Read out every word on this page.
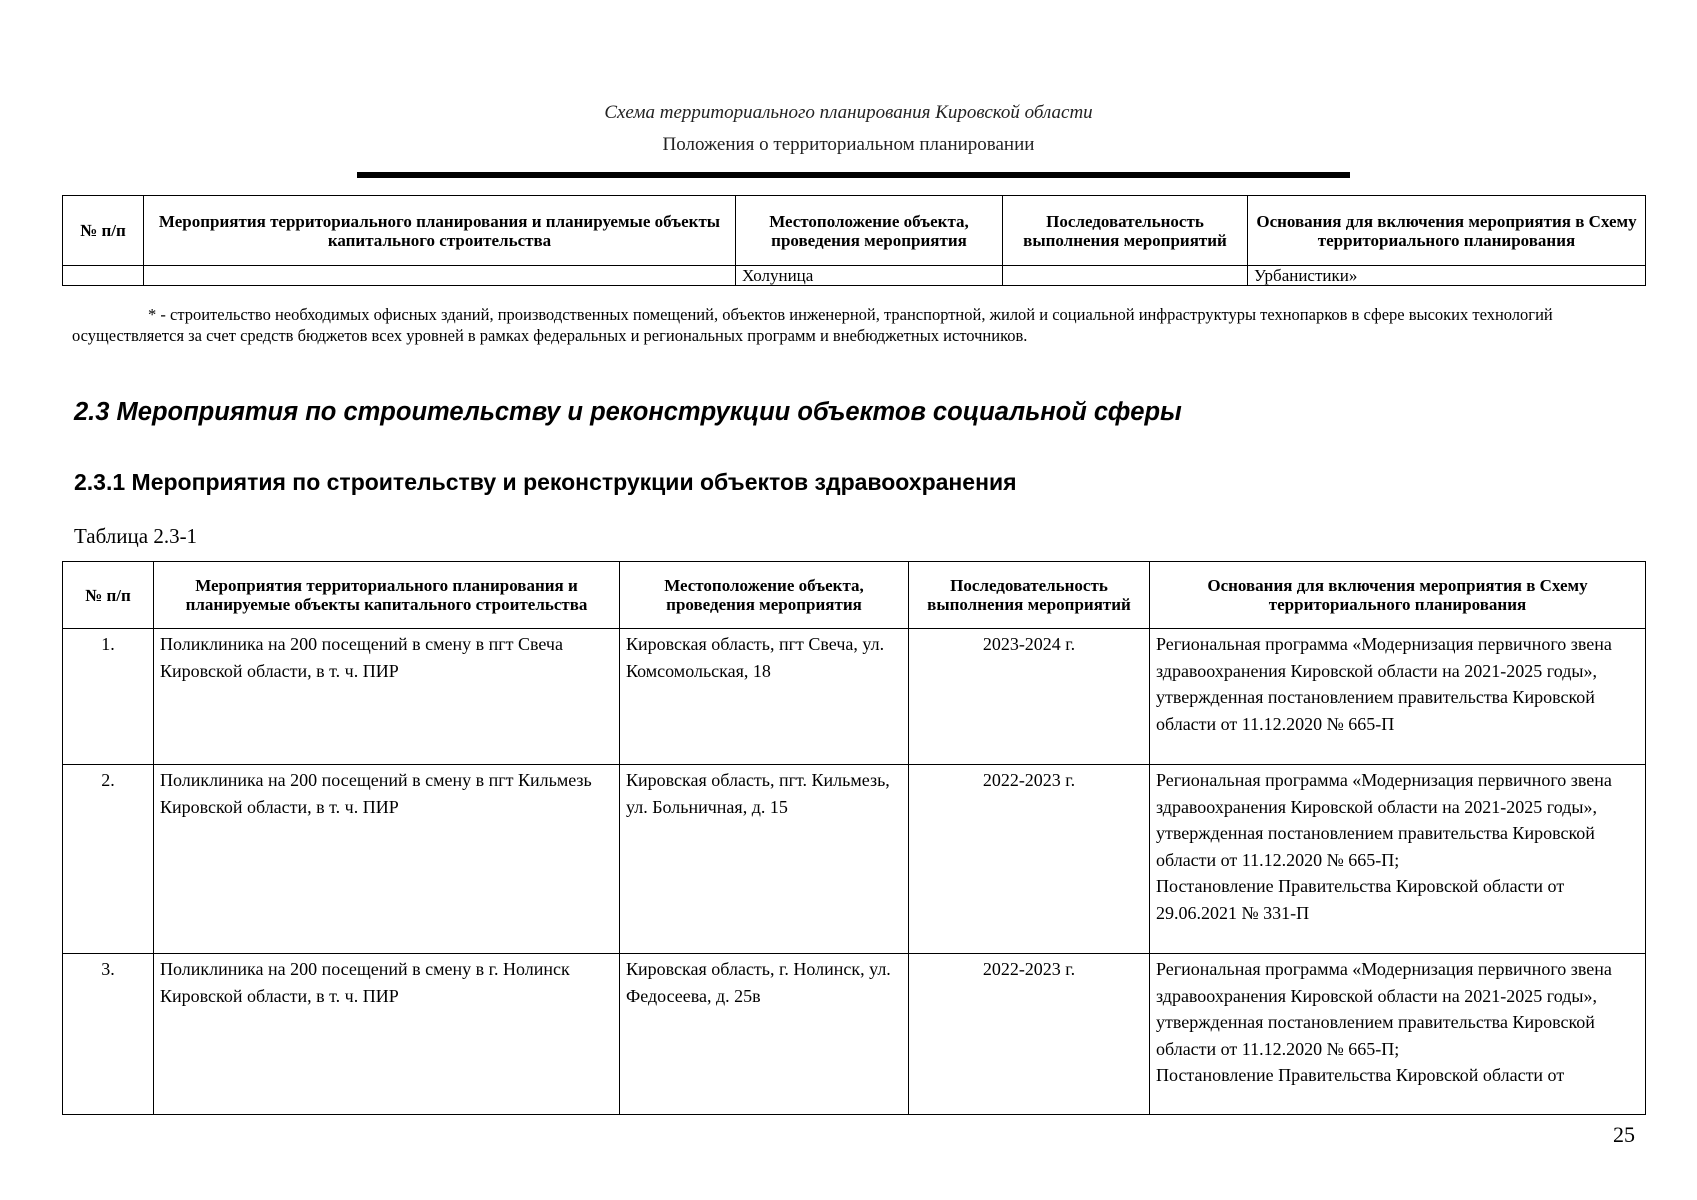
Схема территориального планирования Кировской области
Положения о территориальном планировании
№ п/п	Мероприятия территориального планирования и планируемые объекты капитального строительства	Местоположение объекта, проведения мероприятия	Последовательность выполнения мероприятий	Основания для включения мероприятия в Схему территориального планирования
		Холуница		Урбанистики»
* - строительство необходимых офисных зданий, производственных помещений, объектов инженерной, транспортной, жилой и социальной инфраструктуры технопарков в сфере высоких технологий осуществляется за счет средств бюджетов всех уровней в рамках федеральных и региональных программ и внебюджетных источников.
2.3 Мероприятия по строительству и реконструкции объектов социальной сферы
2.3.1 Мероприятия по строительству и реконструкции объектов здравоохранения
Таблица 2.3-1
№ п/п	Мероприятия территориального планирования и планируемые объекты капитального строительства	Местоположение объекта, проведения мероприятия	Последовательность выполнения мероприятий	Основания для включения мероприятия в Схему территориального планирования
1.	Поликлиника на 200 посещений в смену в пгт Свеча Кировской области, в т. ч. ПИР	Кировская область, пгт Свеча, ул. Комсомольская, 18	2023-2024 г.	Региональная программа «Модернизация первичного звена здравоохранения Кировской области на 2021-2025 годы», утвержденная постановлением правительства Кировской области от 11.12.2020 № 665-П
2.	Поликлиника на 200 посещений в смену в пгт Кильмезь Кировской области, в т. ч. ПИР	Кировская область, пгт. Кильмезь, ул. Больничная, д. 15	2022-2023 г.	Региональная программа «Модернизация первичного звена здравоохранения Кировской области на 2021-2025 годы», утвержденная постановлением правительства Кировской области от 11.12.2020 № 665-П;
Постановление Правительства Кировской области от 29.06.2021 № 331-П
3.	Поликлиника на 200 посещений в смену в г. Нолинск Кировской области, в т. ч. ПИР	Кировская область, г. Нолинск, ул. Федосеева, д. 25в	2022-2023 г.	Региональная программа «Модернизация первичного звена здравоохранения Кировской области на 2021-2025 годы», утвержденная постановлением правительства Кировской области от 11.12.2020 № 665-П;
Постановление Правительства Кировской области от
25
